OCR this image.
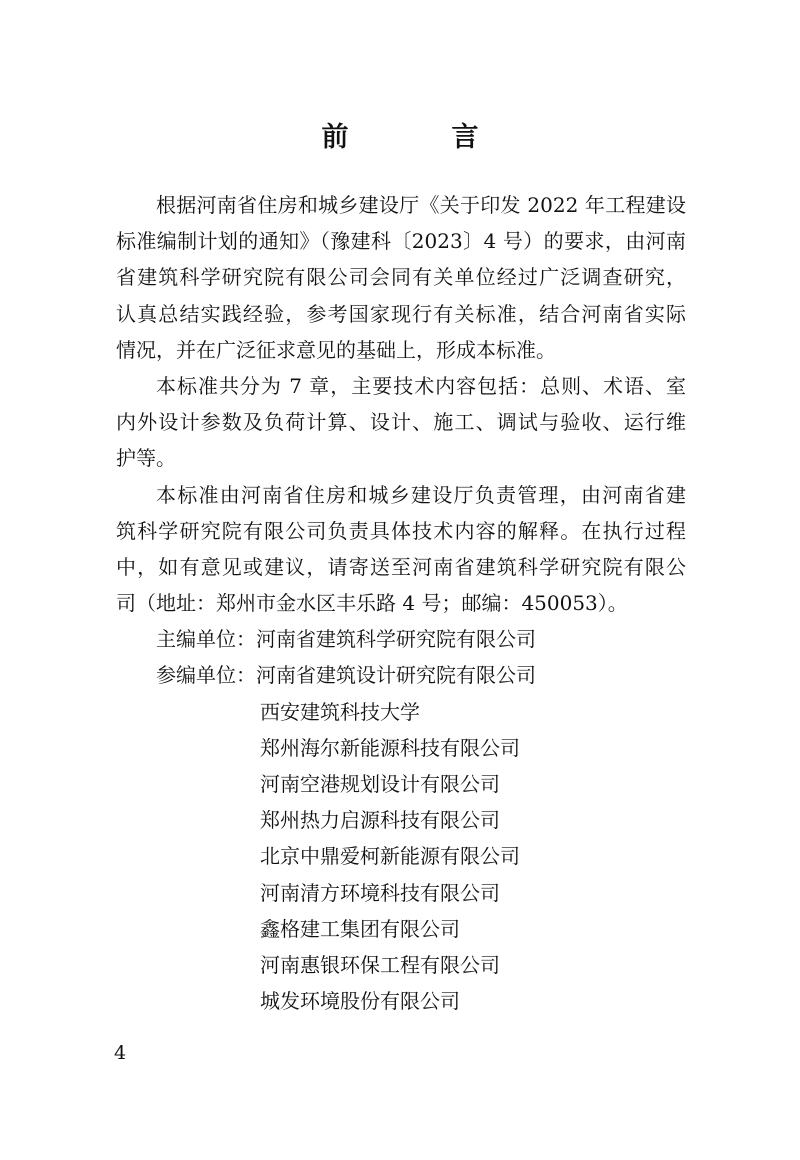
前　言
根据河南省住房和城乡建设厅《关于印发 2022 年工程建设
标准编制计划的通知》（豫建科〔2023〕4 号）的要求，由河南
省建筑科学研究院有限公司会同有关单位经过广泛调查研究，
认真总结实践经验，参考国家现行有关标准，结合河南省实际
情况，并在广泛征求意见的基础上，形成本标准。
本标准共分为 7 章，主要技术内容包括：总则、术语、室
内外设计参数及负荷计算、设计、施工、调试与验收、运行维
护等。
本标准由河南省住房和城乡建设厅负责管理，由河南省建
筑科学研究院有限公司负责具体技术内容的解释。在执行过程
中，如有意见或建议，请寄送至河南省建筑科学研究院有限公
司（地址：郑州市金水区丰乐路 4 号；邮编：450053）。
主编单位：河南省建筑科学研究院有限公司
参编单位：河南省建筑设计研究院有限公司
西安建筑科技大学
郑州海尔新能源科技有限公司
河南空港规划设计有限公司
郑州热力启源科技有限公司
北京中鼎爱柯新能源有限公司
河南清方环境科技有限公司
鑫格建工集团有限公司
河南惠银环保工程有限公司
城发环境股份有限公司
4
